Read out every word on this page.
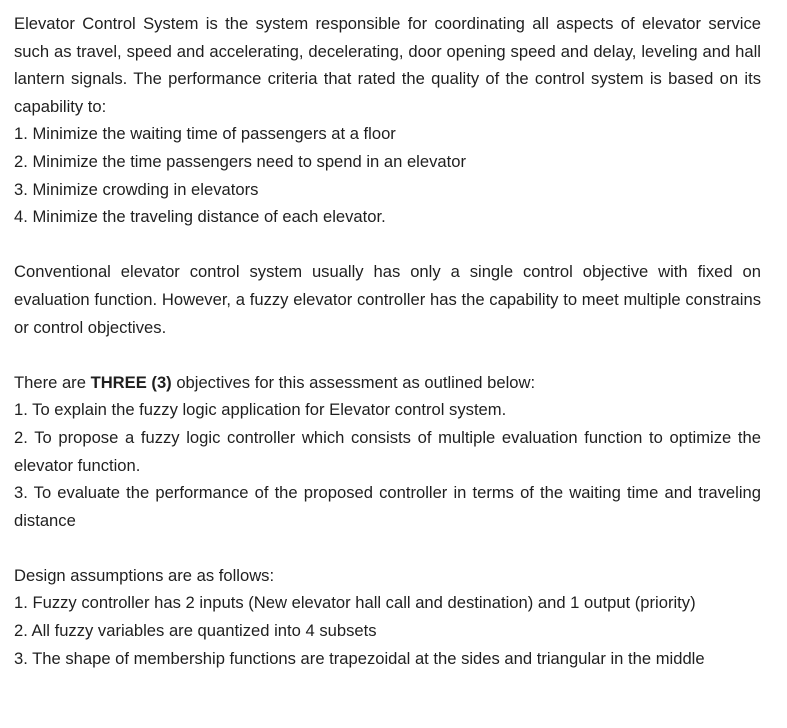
Elevator Control System is the system responsible for coordinating all aspects of elevator service such as travel, speed and accelerating, decelerating, door opening speed and delay, leveling and hall lantern signals. The performance criteria that rated the quality of the control system is based on its capability to:

1. Minimize the waiting time of passengers at a floor

2. Minimize the time passengers need to spend in an elevator

3. Minimize crowding in elevators

4. Minimize the traveling distance of each elevator.

Conventional elevator control system usually has only a single control objective with fixed on evaluation function. However, a fuzzy elevator controller has the capability to meet multiple constrains or control objectives.

There are THREE (3) objectives for this assessment as outlined below:

1. To explain the fuzzy logic application for Elevator control system.

2. To propose a fuzzy logic controller which consists of multiple evaluation function to optimize the elevator function.

3. To evaluate the performance of the proposed controller in terms of the waiting time and traveling distance

Design assumptions are as follows:

1. Fuzzy controller has 2 inputs (New elevator hall call and destination) and 1 output (priority)

2. All fuzzy variables are quantized into 4 subsets

3. The shape of membership functions are trapezoidal at the sides and triangular in the middle
